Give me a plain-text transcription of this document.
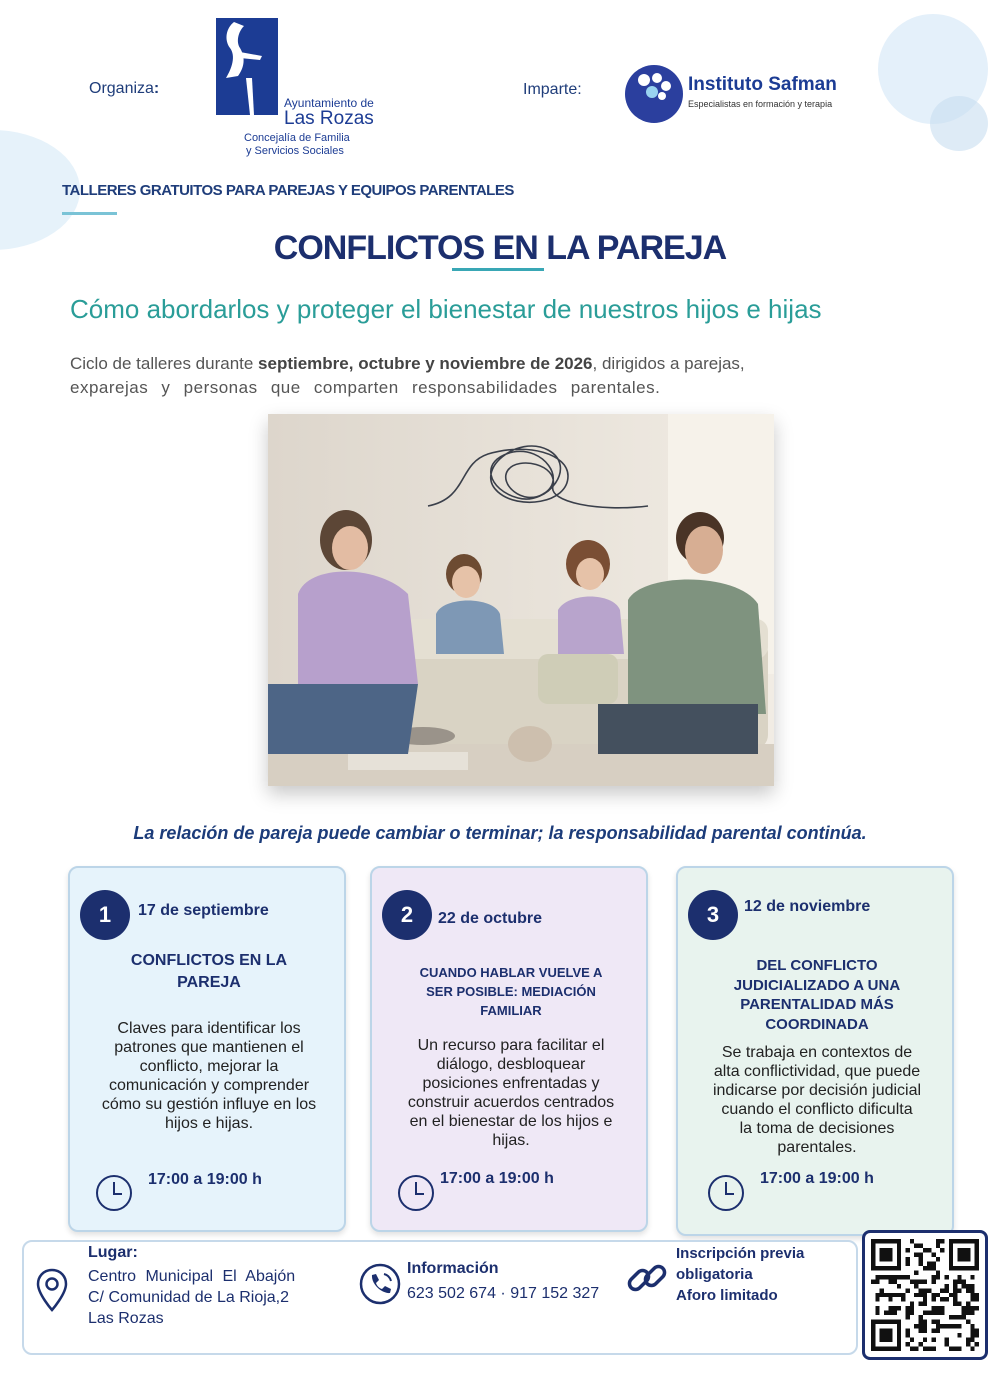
Organiza:
Ayuntamiento de
Las Rozas
Concejalía de Familia
y Servicios Sociales
Imparte:	Instituto Safman
Especialistas en formación y terapia
TALLERES GRATUITOS PARA PAREJAS Y EQUIPOS PARENTALES
CONFLICTOS EN LA PAREJA
Cómo abordarlos y proteger el bienestar de nuestros hijos e hijas
Ciclo de talleres durante septiembre, octubre y noviembre de 2026, dirigidos a parejas,
exparejas y personas que comparten responsabilidades parentales.
La relación de pareja puede cambiar o terminar; la responsabilidad parental continúa.
1	17 de septiembre
CONFLICTOS EN LA
PAREJA
Claves para identificar los
patrones que mantienen el
conflicto, mejorar la
comunicación y comprender
cómo su gestión influye en los
hijos e hijas.
17:00 a 19:00 h
2	22 de octubre
CUANDO HABLAR VUELVE A
SER POSIBLE: MEDIACIÓN
FAMILIAR
Un recurso para facilitar el
diálogo, desbloquear
posiciones enfrentadas y
construir acuerdos centrados
en el bienestar de los hijos e
hijas.
17:00 a 19:00 h
3	12 de noviembre
DEL CONFLICTO
JUDICIALIZADO A UNA
PARENTALIDAD MÁS
COORDINADA
Se trabaja en contextos de
alta conflictividad, que puede
indicarse por decisión judicial
cuando el conflicto dificulta
la toma de decisiones
parentales.
17:00 a 19:00 h
Lugar:
Centro Municipal El Abajón
C/ Comunidad de La Rioja,2
Las Rozas
Información
623 502 674 · 917 152 327
Inscripción previa
obligatoria
Aforo limitado
